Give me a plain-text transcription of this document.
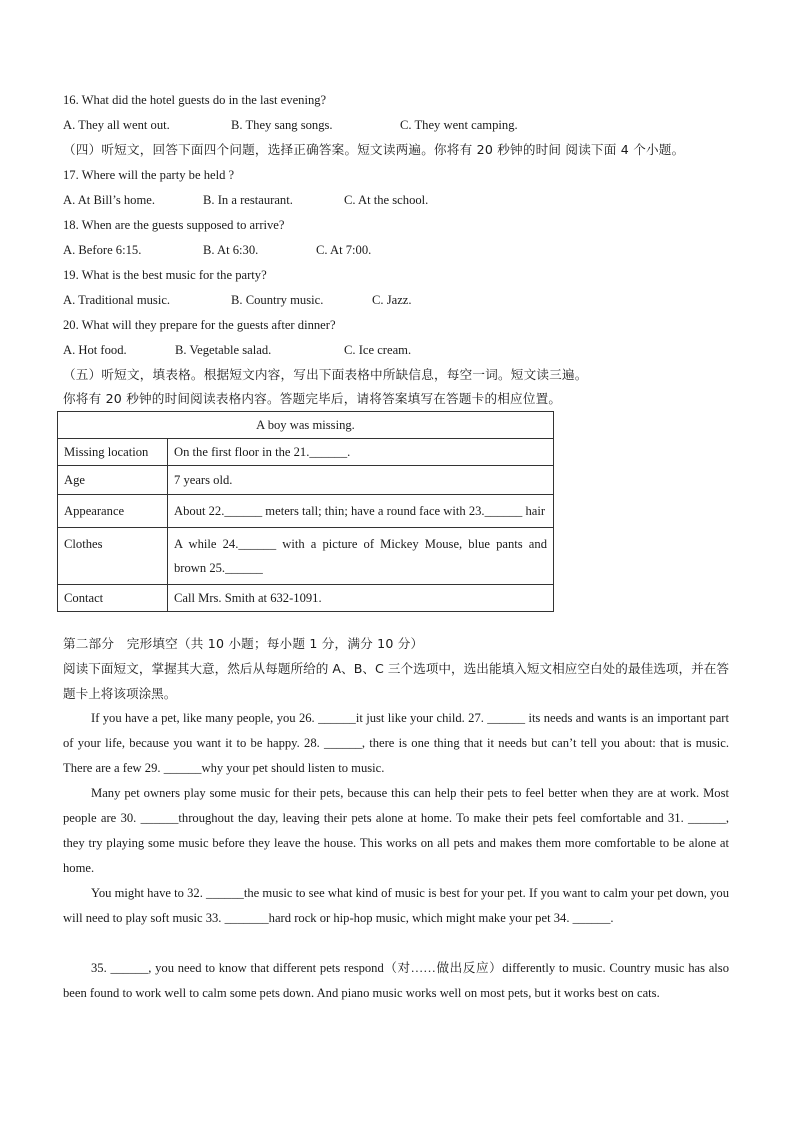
16. What did the hotel guests do in the last evening?
A. They all went out.	B. They sang songs.	C. They went camping.
（四）听短文，回答下面四个问题，选择正确答案。短文读两遍。你将有 20 秒钟的时间 阅读下面 4 个小题。
17. Where will the party be held ?
A. At Bill’s home.	B. In a restaurant.	C. At the school.
18. When are the guests supposed to arrive?
A. Before 6:15.	B. At 6:30.	C. At 7:00.
19. What is the best music for the party?
A. Traditional music.	B. Country music.	C. Jazz.
20. What will they prepare for the guests after dinner?
A. Hot food.	B. Vegetable salad.	C. Ice cream.
（五）听短文，填表格。根据短文内容，写出下面表格中所缺信息，每空一词。短文读三遍。
你将有 20 秒钟的时间阅读表格内容。答题完毕后，请将答案填写在答题卡的相应位置。
A boy was missing.	
Missing location	On the first floor in the 21.______.
Age	7 years old.
Appearance	About 22.______ meters tall; thin; have a round face with 23.______ hair
Clothes	A while 24.______ with a picture of Mickey Mouse, blue pants and brown 25.______
Contact	Call Mrs. Smith at 632-1091.
第二部分   完形填空（共 10 小题；每小题 1 分，满分 10 分）
阅读下面短文，掌握其大意，然后从每题所给的 A、B、C 三个选项中，选出能填入短文相应空白处的最佳选项，并在答题卡上将该项涂黑。
If you have a pet, like many people, you 26. ______it just like your child. 27. ______ its needs and wants is an important part of your life, because you want it to be happy. 28. ______, there is one thing that it needs but can’t tell you about: that is music. There are a few 29. ______why your pet should listen to music.
Many pet owners play some music for their pets, because this can help their pets to feel better when they are at work. Most people are 30. ______throughout the day, leaving their pets alone at home. To make their pets feel comfortable and 31. ______, they try playing some music before they leave the house. This works on all pets and makes them more comfortable to be alone at home.
You might have to 32. ______the music to see what kind of music is best for your pet. If you want to calm your pet down, you will need to play soft music 33. _______hard rock or hip-hop music, which might make your pet 34. ______.
35. ______, you need to know that different pets respond（对……做出反应）differently to music. Country music has also been found to work well to calm some pets down. And piano music works well on most pets, but it works best on cats.
